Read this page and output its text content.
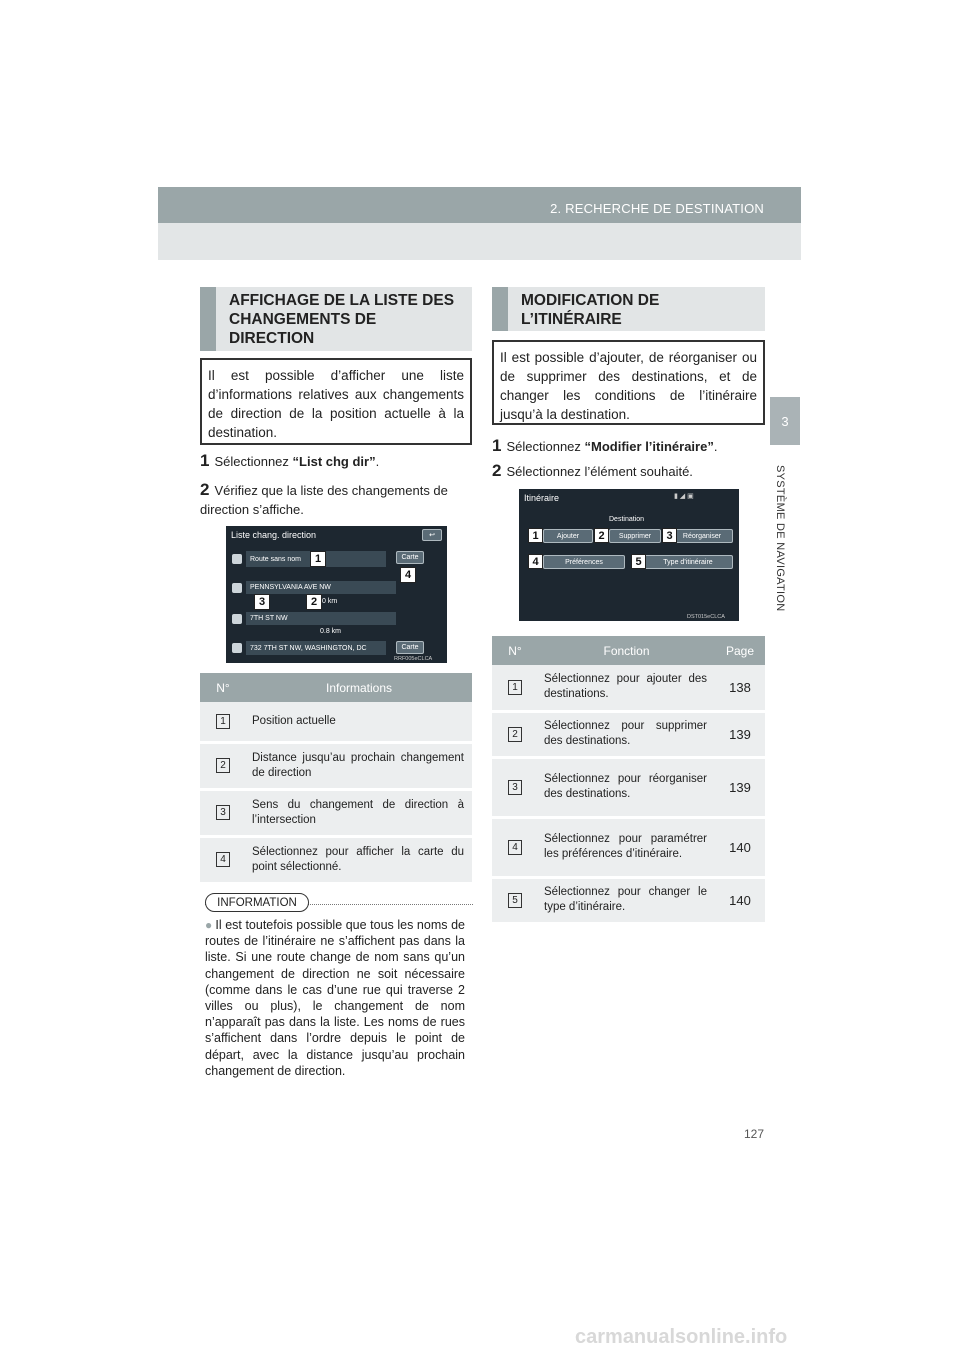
2. RECHERCHE DE DESTINATION
3
SYSTÈME DE NAVIGATION
AFFICHAGE DE LA LISTE DES
CHANGEMENTS DE
DIRECTION
Il est possible d’afficher une liste d’informations relatives aux changements de direction de la position actuelle à la destination.
1 Sélectionnez “List chg dir”.
2 Vérifiez que la liste des changements de direction s’affiche.
Liste chang. direction	↩
Route sans nom	Carte
PENNSYLVANIA AVE NW
0 km
7TH ST NW
0.8 km
732 7TH ST NW, WASHINGTON, DC	Carte
RRF005eCLCA
1
2
3
4
N°	Informations
1	Position actuelle
2	Distance jusqu’au prochain changement de direction
3	Sens du changement de direction à l’intersection
4	Sélectionnez pour afficher la carte du point sélectionné.
INFORMATION
● Il est toutefois possible que tous les noms de routes de l’itinéraire ne s’affichent pas dans la liste. Si une route change de nom sans qu’un changement de direction ne soit nécessaire (comme dans le cas d’une rue qui traverse 2 villes ou plus), le changement de nom n’apparaît pas dans la liste. Les noms de rues s’affichent dans l’ordre depuis le point de départ, avec la distance jusqu’au prochain changement de direction.
MODIFICATION DE
L’ITINÉRAIRE
Il est possible d’ajouter, de réorganiser ou de supprimer des destinations, et de changer les conditions de l’itinéraire jusqu’à la destination.
1 Sélectionnez “Modifier l’itinéraire”.
2 Sélectionnez l’élément souhaité.
Itinéraire	▮ ◢ ▣
Destination
Ajouter	Supprimer	Réorganiser
Préférences	Type d’itinéraire
DST015eCLCA
1	2	3
4	5
N°	Fonction	Page
1	Sélectionnez pour ajouter des destinations.	138
2	Sélectionnez pour supprimer des destinations.	139
3	Sélectionnez pour réorganiser des destinations.	139
4	Sélectionnez pour paramétrer les préférences d’itinéraire.	140
5	Sélectionnez pour changer le type d’itinéraire.	140
127
carmanualsonline.info
